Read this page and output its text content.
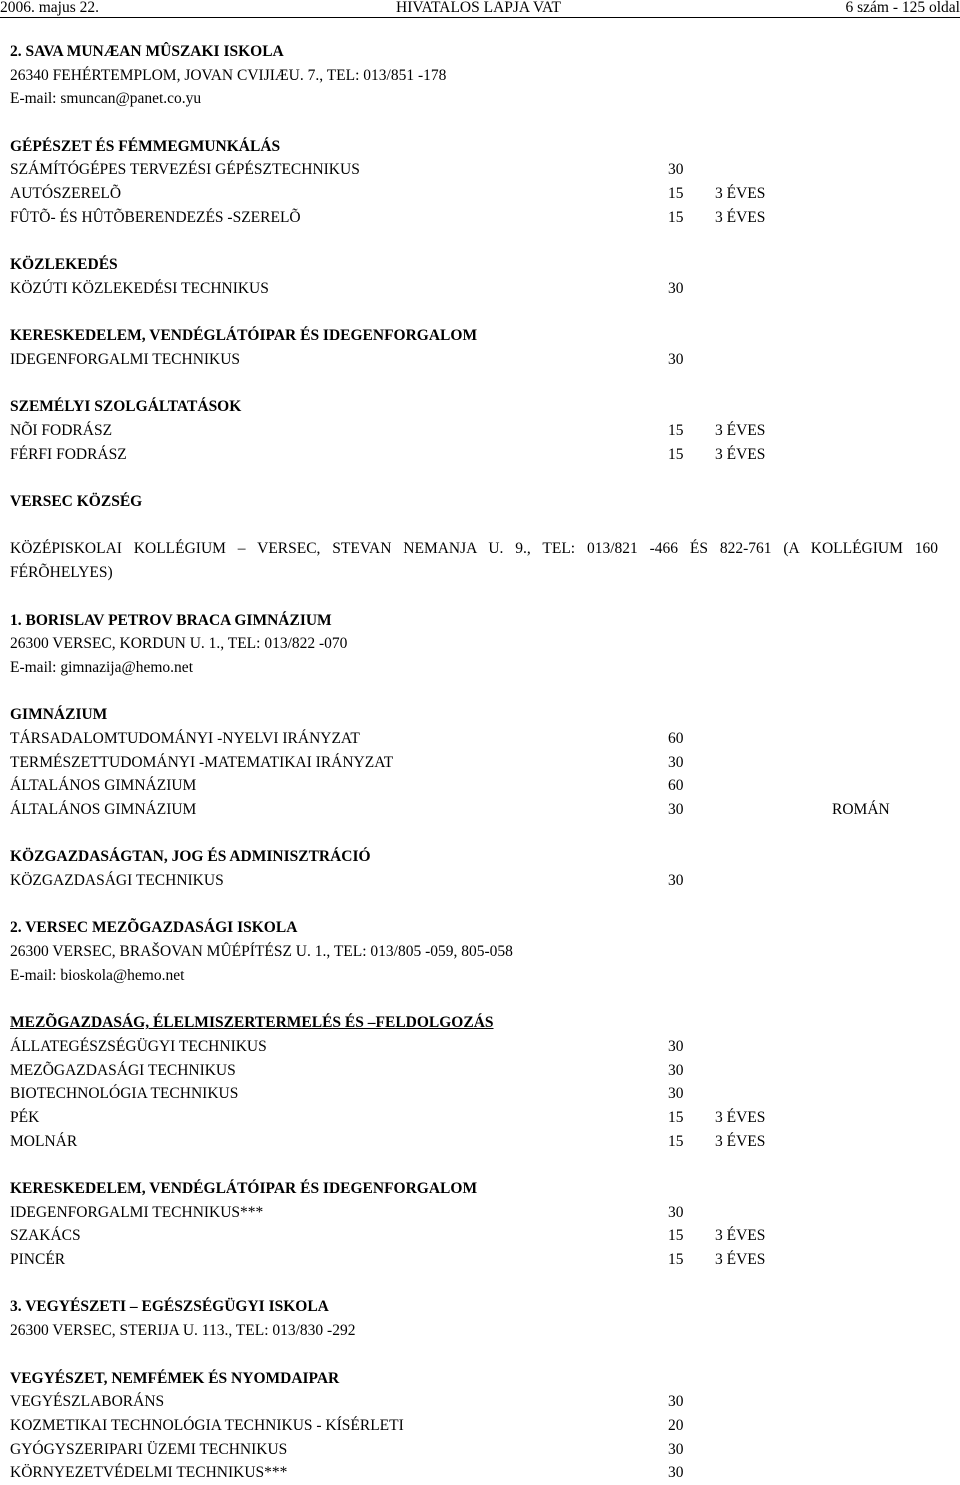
2006. majus 22.	HIVATALOS LAPJA VAT	6 szám - 125 oldal
2. SAVA MUNÆAN MÛSZAKI ISKOLA
26340 FEHÉRTEMPLOM, JOVAN CVIJIÆU. 7., TEL: 013/851 -178
E-mail: smuncan@panet.co.yu
GÉPÉSZET ÉS FÉMMEGMUNKÁLÁS
SZÁMÍTÓGÉPES TERVEZÉSI GÉPÉSZTECHNIKUS	30
AUTÓSZERELÕ	15 3 ÉVES
FÛTÕ- ÉS HÛTÕBERENDEZÉS -SZERELÕ	15 3 ÉVES
KÖZLEKEDÉS
KÖZÚTI KÖZLEKEDÉSI TECHNIKUS	30
KERESKEDELEM, VENDÉGLÁTÓIPAR ÉS IDEGENFORGALOM
IDEGENFORGALMI TECHNIKUS	30
SZEMÉLYI SZOLGÁLTATÁSOK
NÕI FODRÁSZ	15 3 ÉVES
FÉRFI FODRÁSZ	15 3 ÉVES
VERSEC KÖZSÉG
KÖZÉPISKOLAI KOLLÉGIUM – VERSEC, STEVAN NEMANJA U. 9., TEL: 013/821 -466 ÉS 822-761 (A KOLLÉGIUM 160 FÉRÕHELYES)
1. BORISLAV PETROV BRACA GIMNÁZIUM
26300 VERSEC, KORDUN U. 1., TEL: 013/822 -070
E-mail: gimnazija@hemo.net
GIMNÁZIUM
TÁRSADALOMTUDOMÁNYI -NYELVI IRÁNYZAT	60
TERMÉSZETTUDOMÁNYI -MATEMATIKAI IRÁNYZAT	30
ÁLTALÁNOS GIMNÁZIUM	60
ÁLTALÁNOS GIMNÁZIUM	30	ROMÁN
KÖZGAZDASÁGTAN, JOG ÉS ADMINISZTRÁCIÓ
KÖZGAZDASÁGI TECHNIKUS	30
2. VERSEC MEZÕGAZDASÁGI ISKOLA
26300 VERSEC, BRAŠOVAN MÛÉPÍTÉSZ U. 1., TEL: 013/805 -059, 805-058
E-mail: bioskola@hemo.net
MEZÕGAZDASÁG, ÉLELMISZERTERMELÉS ÉS –FELDOLGOZÁS
ÁLLATEGÉSZSÉGÜGYI TECHNIKUS	30
MEZÕGAZDASÁGI TECHNIKUS	30
BIOTECHNOLÓGIA TECHNIKUS	30
PÉK	15 3 ÉVES
MOLNÁR	15 3 ÉVES
KERESKEDELEM, VENDÉGLÁTÓIPAR ÉS IDEGENFORGALOM
IDEGENFORGALMI TECHNIKUS***	30
SZAKÁCS	15 3 ÉVES
PINCÉR	15 3 ÉVES
3. VEGYÉSZETI – EGÉSZSÉGÜGYI ISKOLA
26300 VERSEC, STERIJA U. 113., TEL: 013/830 -292
VEGYÉSZET, NEMFÉMEK ÉS NYOMDAIPAR
VEGYÉSZLABORÁNS	30
KOZMETIKAI TECHNOLÓGIA TECHNIKUS - KÍSÉRLETI	20
GYÓGYSZERIPARI ÜZEMI TECHNIKUS	30
KÖRNYEZETVÉDELMI TECHNIKUS***	30
